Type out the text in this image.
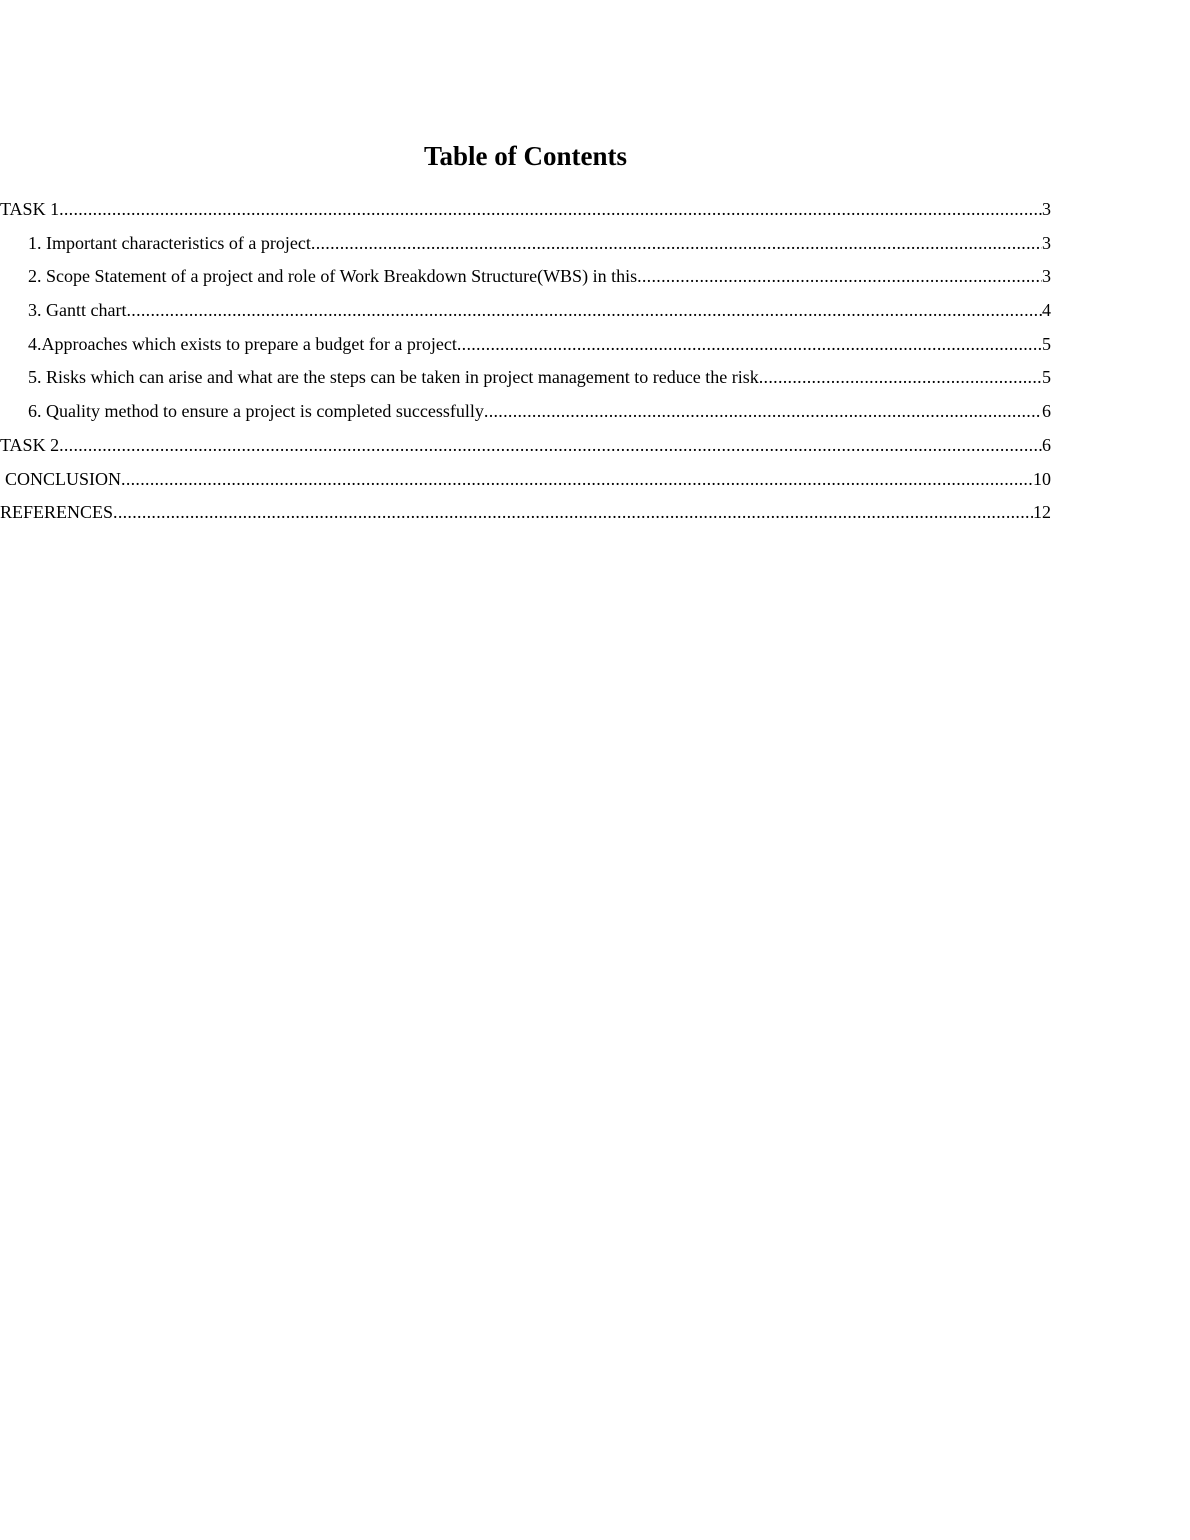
Table of Contents
TASK 1 .....	3
1. Important characteristics of a project .....	3
2. Scope Statement of a project and role of Work Breakdown Structure(WBS) in this .....	3
3. Gantt chart .....	4
4.Approaches which exists to prepare a budget for a project .....	5
5. Risks which can arise and what are the steps can be taken in project management to reduce the risk .....	5
6. Quality method to ensure a project is completed successfully .....	6
TASK 2 .....	6
CONCLUSION .....	10
REFERENCES .....	12
